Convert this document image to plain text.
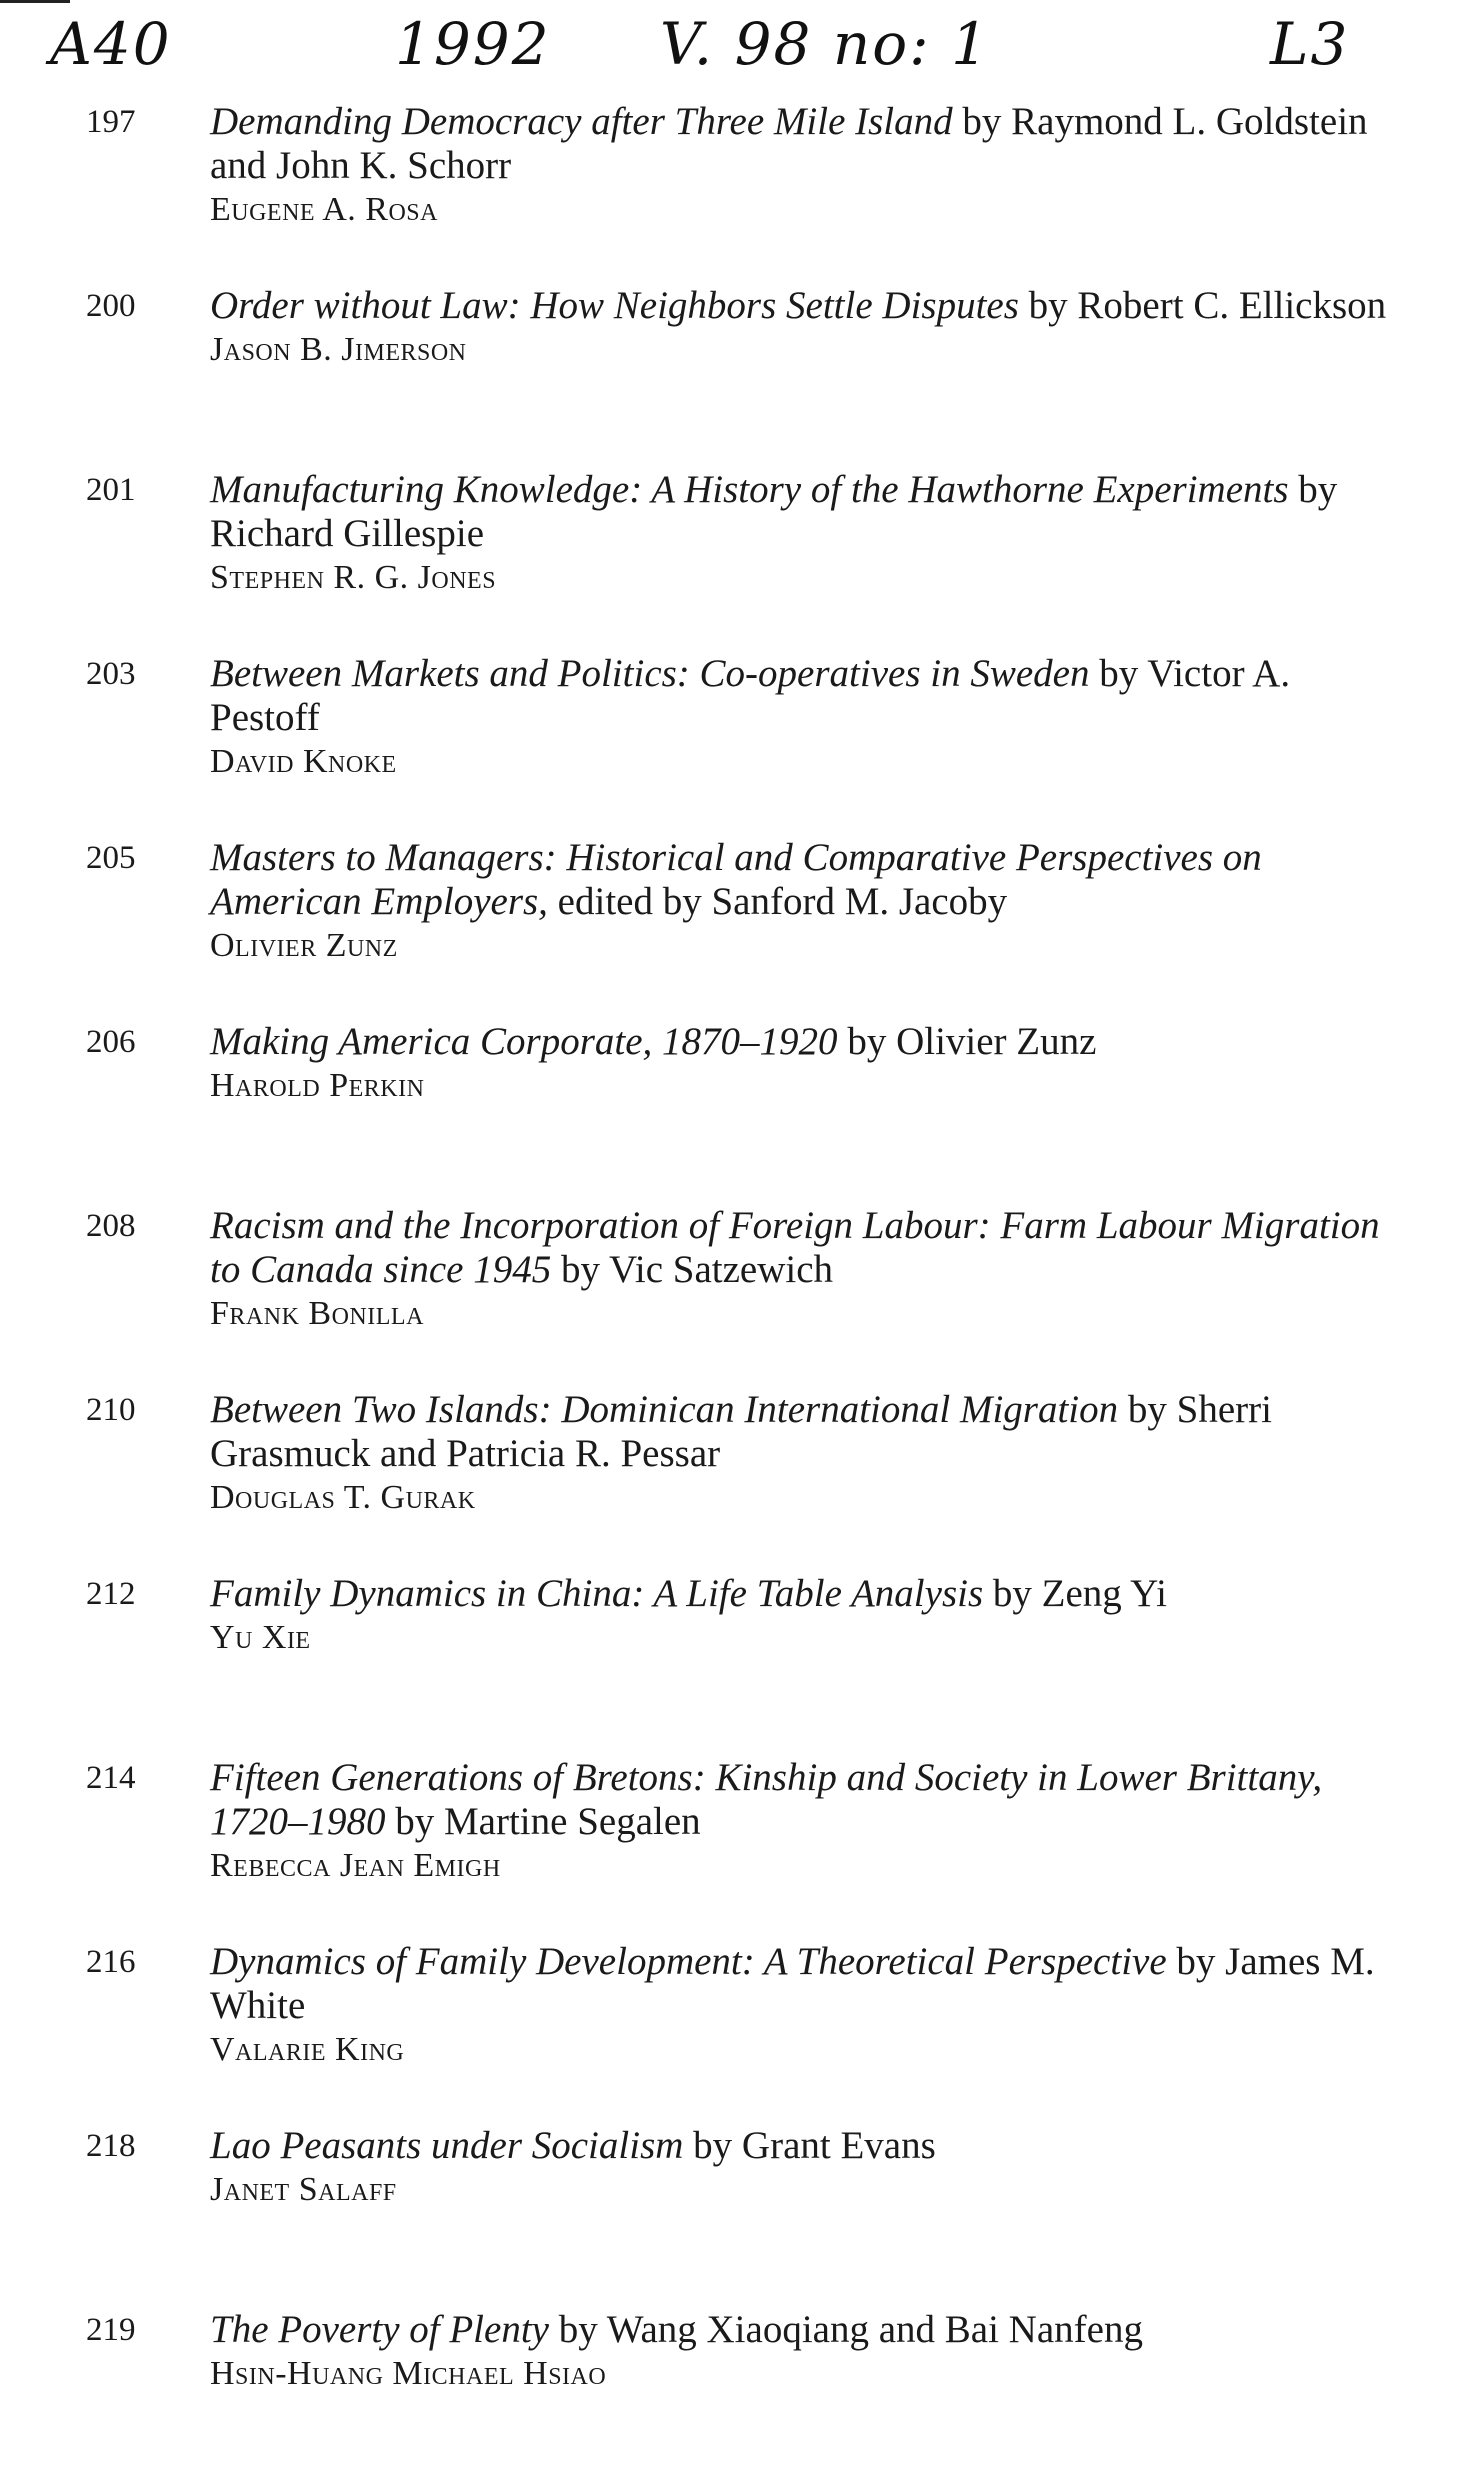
A40	1992 V. 98 no: 1	L3
197 Demanding Democracy after Three Mile Island by Raymond L. Goldstein and John K. Schorr
Eugene A. Rosa
200 Order without Law: How Neighbors Settle Disputes by Robert C. Ellickson
Jason B. Jimerson
201 Manufacturing Knowledge: A History of the Hawthorne Experiments by Richard Gillespie
Stephen R. G. Jones
203 Between Markets and Politics: Co-operatives in Sweden by Victor A. Pestoff
David Knoke
205 Masters to Managers: Historical and Comparative Perspectives on American Employers, edited by Sanford M. Jacoby
Olivier Zunz
206 Making America Corporate, 1870–1920 by Olivier Zunz
Harold Perkin
208 Racism and the Incorporation of Foreign Labour: Farm Labour Migration to Canada since 1945 by Vic Satzewich
Frank Bonilla
210 Between Two Islands: Dominican International Migration by Sherri Grasmuck and Patricia R. Pessar
Douglas T. Gurak
212 Family Dynamics in China: A Life Table Analysis by Zeng Yi
Yu Xie
214 Fifteen Generations of Bretons: Kinship and Society in Lower Brittany, 1720–1980 by Martine Segalen
Rebecca Jean Emigh
216 Dynamics of Family Development: A Theoretical Perspective by James M. White
Valarie King
218 Lao Peasants under Socialism by Grant Evans
Janet Salaff
219 The Poverty of Plenty by Wang Xiaoqiang and Bai Nanfeng
Hsin-Huang Michael Hsiao
